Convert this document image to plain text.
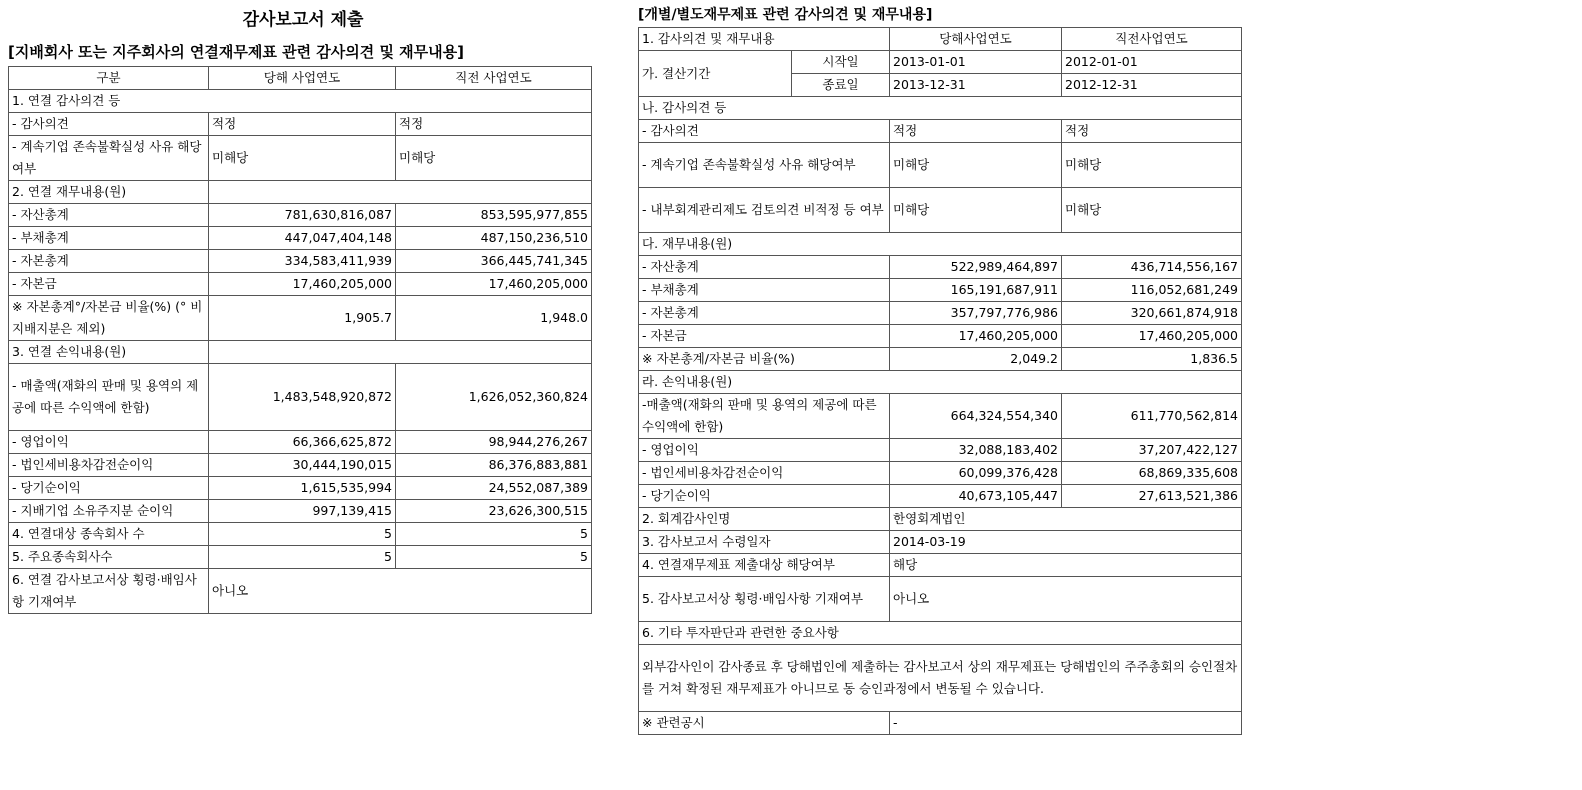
감사보고서 제출
[지배회사 또는 지주회사의 연결재무제표 관련 감사의견 및 재무내용]
구분	당해 사업연도	직전 사업연도
1. 연결 감사의견 등		
- 감사의견	적정	적정
- 계속기업 존속불확실성 사유 해당여부	미해당	미해당
2. 연결 재무내용(원)		
- 자산총계	781,630,816,087	853,595,977,855
- 부채총계	447,047,404,148	487,150,236,510
- 자본총계	334,583,411,939	366,445,741,345
- 자본금	17,460,205,000	17,460,205,000
※ 자본총계°/자본금 비율(%) (° 비지배지분은 제외)	1,905.7	1,948.0
3. 연결 손익내용(원)		
- 매출액(재화의 판매 및 용역의 제공에 따른 수익액에 한함)	1,483,548,920,872	1,626,052,360,824
- 영업이익	66,366,625,872	98,944,276,267
- 법인세비용차감전순이익	30,444,190,015	86,376,883,881
- 당기순이익	1,615,535,994	24,552,087,389
- 지배기업 소유주지분 순이익	997,139,415	23,626,300,515
4. 연결대상 종속회사 수	5	5
5. 주요종속회사수	5	5
6. 연결 감사보고서상 횡령·배임사항 기재여부	아니오	
[개별/별도재무제표 관련 감사의견 및 재무내용]
1. 감사의견 및 재무내용		당해사업연도	직전사업연도
가. 결산기간	시작일	2013-01-01	2012-01-01
	종료일	2013-12-31	2012-12-31
나. 감사의견 등			
- 감사의견		적정	적정
- 계속기업 존속불확실성 사유 해당여부		미해당	미해당
- 내부회계관리제도 검토의견 비적정 등 여부		미해당	미해당
다. 재무내용(원)			
- 자산총계		522,989,464,897	436,714,556,167
- 부채총계		165,191,687,911	116,052,681,249
- 자본총계		357,797,776,986	320,661,874,918
- 자본금		17,460,205,000	17,460,205,000
※ 자본총계/자본금 비율(%)		2,049.2	1,836.5
라. 손익내용(원)			
-매출액(재화의 판매 및 용역의 제공에 따른 수익액에 한함)		664,324,554,340	611,770,562,814
- 영업이익		32,088,183,402	37,207,422,127
- 법인세비용차감전순이익		60,099,376,428	68,869,335,608
- 당기순이익		40,673,105,447	27,613,521,386
2. 회계감사인명		한영회계법인	
3. 감사보고서 수령일자		2014-03-19	
4. 연결재무제표 제출대상 해당여부		해당	
5. 감사보고서상 횡령·배임사항 기재여부		아니오	
6. 기타 투자판단과 관련한 중요사항			
외부감사인이 감사종료 후 당해법인에 제출하는 감사보고서 상의 재무제표는 당해법인의 주주총회의 승인절차를 거쳐 확정된 재무제표가 아니므로 동 승인과정에서 변동될 수 있습니다.			
※ 관련공시		-	
